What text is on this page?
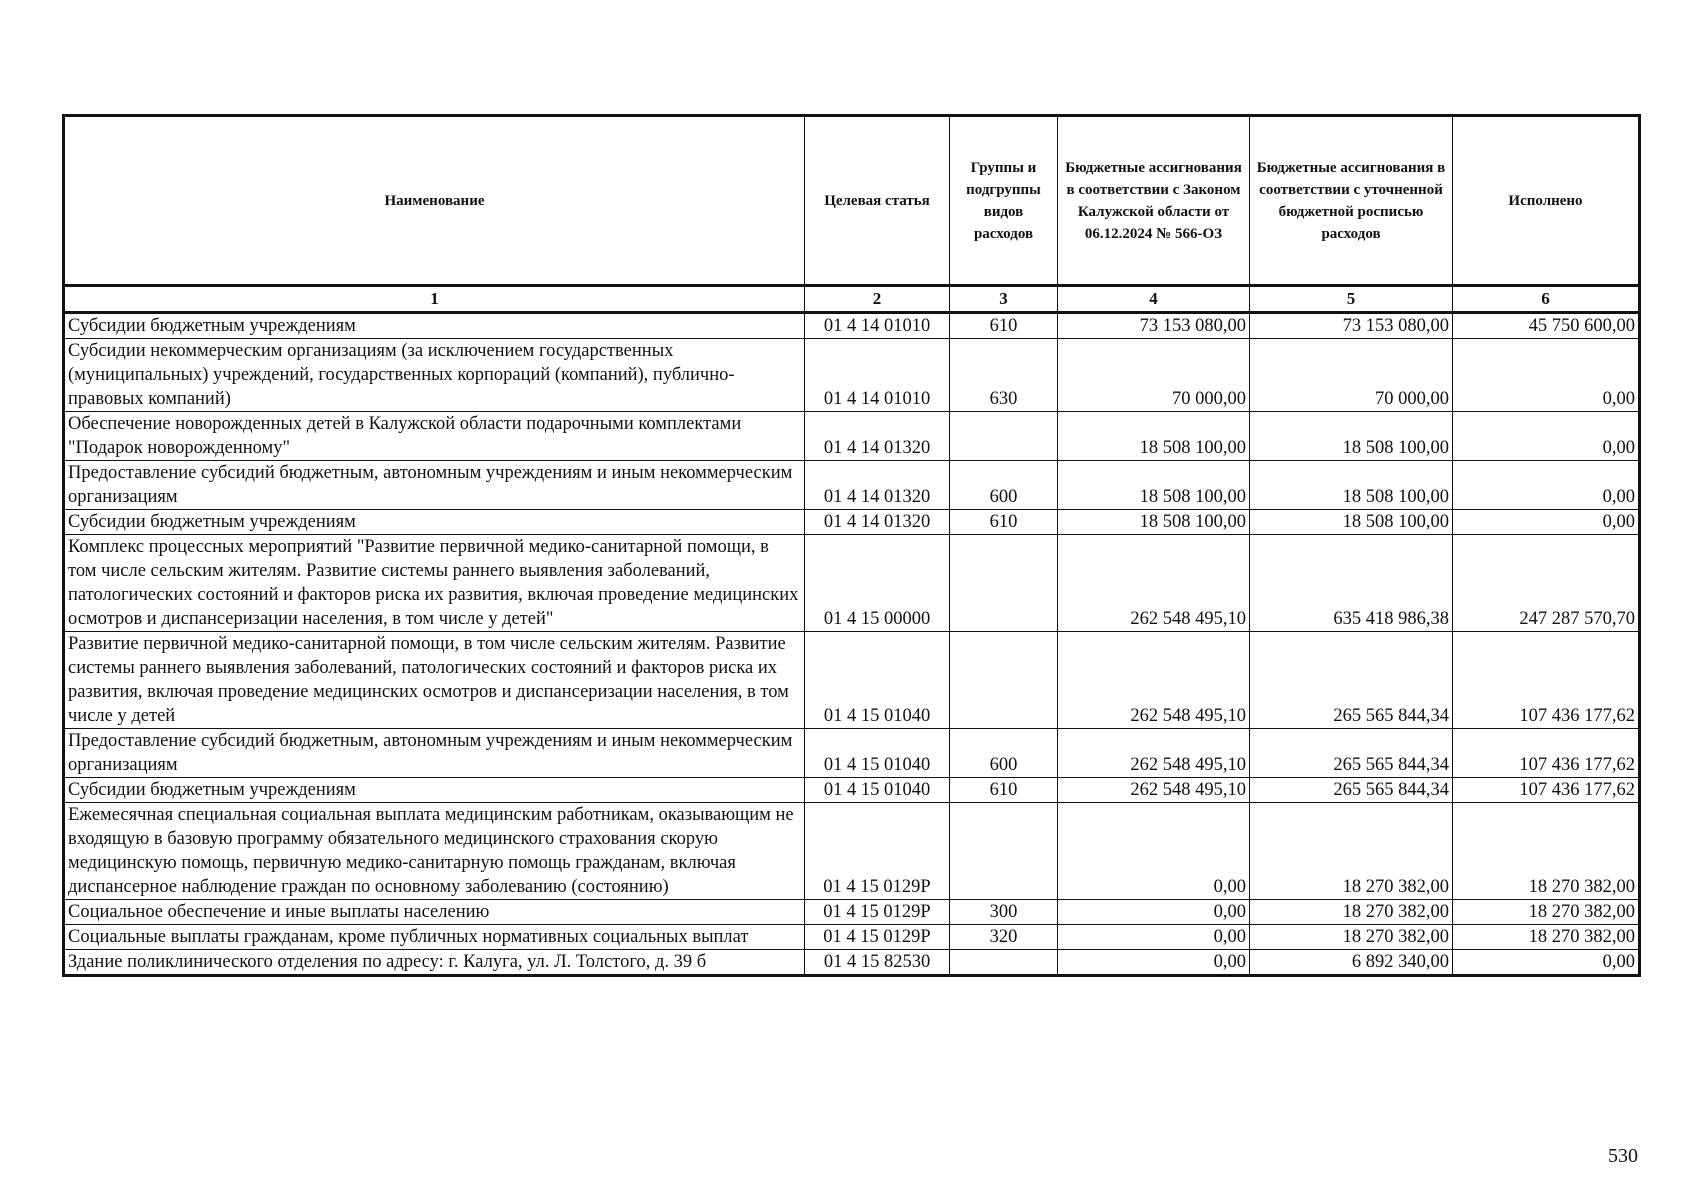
Наименование	Целевая статья	Группы и подгруппы видов расходов	Бюджетные ассигнования в соответствии с Законом Калужской области от 06.12.2024 № 566-ОЗ	Бюджетные ассигнования в соответствии с уточненной бюджетной росписью расходов	Исполнено
1	2	3	4	5	6
Субсидии бюджетным учреждениям	01 4 14 01010	610	73 153 080,00	73 153 080,00	45 750 600,00
Субсидии некоммерческим организациям (за исключением государственных (муниципальных) учреждений, государственных корпораций (компаний), публично-правовых компаний)	01 4 14 01010	630	70 000,00	70 000,00	0,00
Обеспечение новорожденных детей в Калужской области подарочными комплектами "Подарок новорожденному"	01 4 14 01320		18 508 100,00	18 508 100,00	0,00
Предоставление субсидий бюджетным, автономным учреждениям и иным некоммерческим организациям	01 4 14 01320	600	18 508 100,00	18 508 100,00	0,00
Субсидии бюджетным учреждениям	01 4 14 01320	610	18 508 100,00	18 508 100,00	0,00
Комплекс процессных мероприятий "Развитие первичной медико-санитарной помощи, в том числе сельским жителям. Развитие системы раннего выявления заболеваний, патологических состояний и факторов риска их развития, включая проведение медицинских осмотров и диспансеризации населения, в том числе у детей"	01 4 15 00000		262 548 495,10	635 418 986,38	247 287 570,70
Развитие первичной медико-санитарной помощи, в том числе сельским жителям. Развитие системы раннего выявления заболеваний, патологических состояний и факторов риска их развития, включая проведение медицинских осмотров и диспансеризации населения, в том числе у детей	01 4 15 01040		262 548 495,10	265 565 844,34	107 436 177,62
Предоставление субсидий бюджетным, автономным учреждениям и иным некоммерческим организациям	01 4 15 01040	600	262 548 495,10	265 565 844,34	107 436 177,62
Субсидии бюджетным учреждениям	01 4 15 01040	610	262 548 495,10	265 565 844,34	107 436 177,62
Ежемесячная специальная социальная выплата медицинским работникам, оказывающим не входящую в базовую программу обязательного медицинского страхования скорую медицинскую помощь, первичную медико-санитарную помощь гражданам, включая диспансерное наблюдение граждан по основному заболеванию (состоянию)	01 4 15 0129Р		0,00	18 270 382,00	18 270 382,00
Социальное обеспечение и иные выплаты населению	01 4 15 0129Р	300	0,00	18 270 382,00	18 270 382,00
Социальные выплаты гражданам, кроме публичных нормативных социальных выплат	01 4 15 0129Р	320	0,00	18 270 382,00	18 270 382,00
Здание поликлинического отделения по адресу: г. Калуга, ул. Л. Толстого, д. 39 б	01 4 15 82530		0,00	6 892 340,00	0,00
530
